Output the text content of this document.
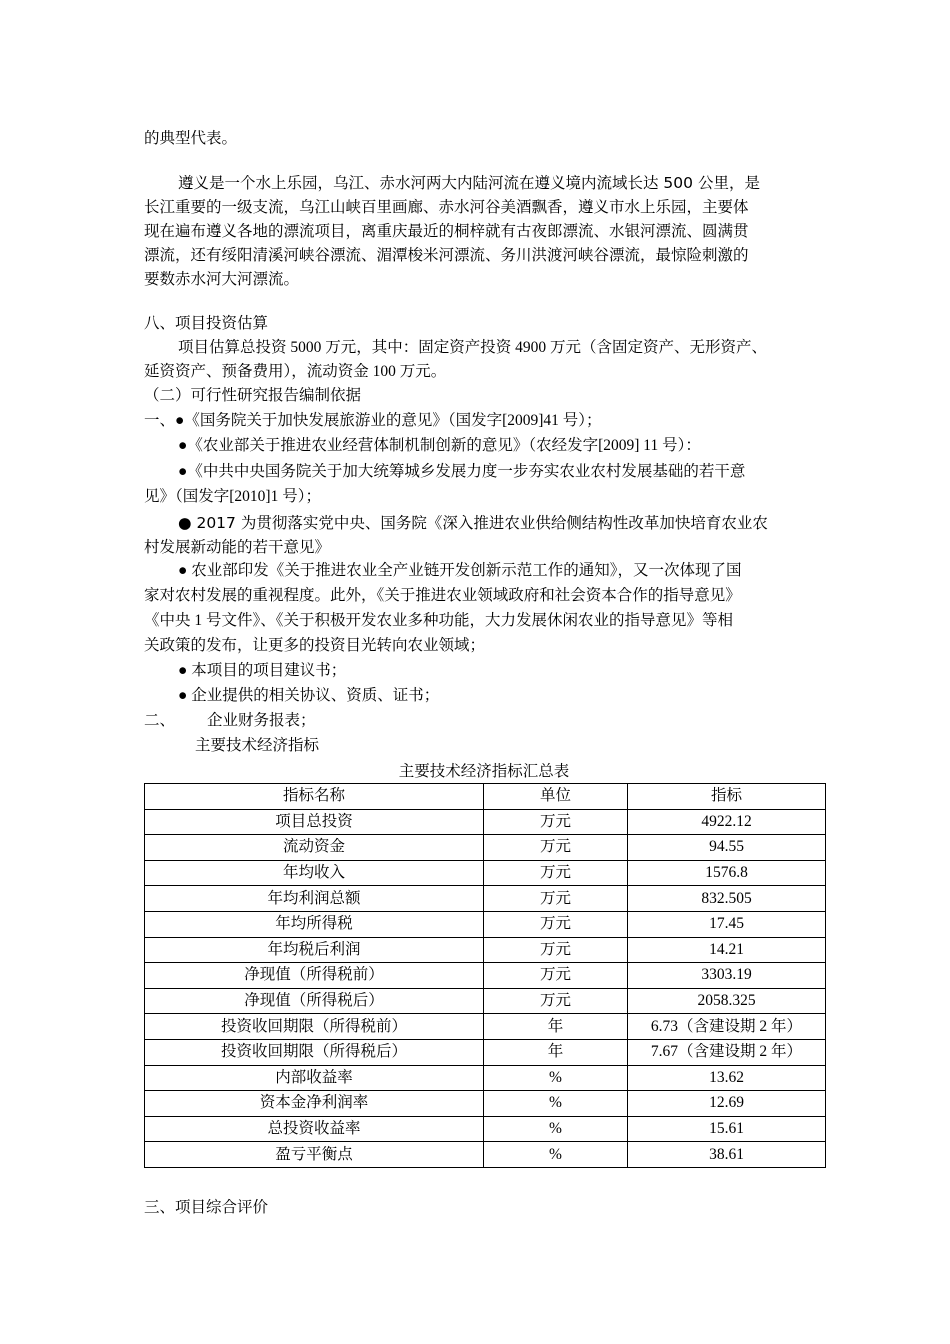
的典型代表。
遵义是一个水上乐园，乌江、赤水河两大内陆河流在遵义境内流域长达 500 公里，是
长江重要的一级支流，乌江山峡百里画廊、赤水河谷美酒飘香，遵义市水上乐园，主要体
现在遍布遵义各地的漂流项目，离重庆最近的桐梓就有古夜郎漂流、水银河漂流、圆满贯
漂流，还有绥阳清溪河峡谷漂流、湄潭梭米河漂流、务川洪渡河峡谷漂流，最惊险刺激的
要数赤水河大河漂流。
八、项目投资估算
项目估算总投资 5000 万元，其中：固定资产投资 4900 万元（含固定资产、无形资产、
延资资产、预备费用），流动资金 100 万元。
（二）可行性研究报告编制依据
一、●《国务院关于加快发展旅游业的意见》（国发字[2009]41 号）；
●《农业部关于推进农业经营体制机制创新的意见》（农经发字[2009] 11 号）：
●《中共中央国务院关于加大统筹城乡发展力度一步夯实农业农村发展基础的若干意
见》（国发字[2010]1 号）；
● 2017 为贯彻落实党中央、国务院《深入推进农业供给侧结构性改革加快培育农业农
村发展新动能的若干意见》
● 农业部印发《关于推进农业全产业链开发创新示范工作的通知》，又一次体现了国
家对农村发展的重视程度。此外，《关于推进农业领域政府和社会资本合作的指导意见》
《中央 1 号文件》、《关于积极开发农业多种功能，大力发展休闲农业的指导意见》等相
关政策的发布，让更多的投资目光转向农业领域；
● 本项目的项目建议书；
● 企业提供的相关协议、资质、证书；
二、 企业财务报表；
主要技术经济指标
主要技术经济指标汇总表
指标名称	单位	指标
项目总投资	万元	4922.12
流动资金	万元	94.55
年均收入	万元	1576.8
年均利润总额	万元	832.505
年均所得税	万元	17.45
年均税后利润	万元	14.21
净现值（所得税前）	万元	3303.19
净现值（所得税后）	万元	2058.325
投资收回期限（所得税前）	年	6.73（含建设期 2 年）
投资收回期限（所得税后）	年	7.67（含建设期 2 年）
内部收益率	%	13.62
资本金净利润率	%	12.69
总投资收益率	%	15.61
盈亏平衡点	%	38.61
三、项目综合评价
